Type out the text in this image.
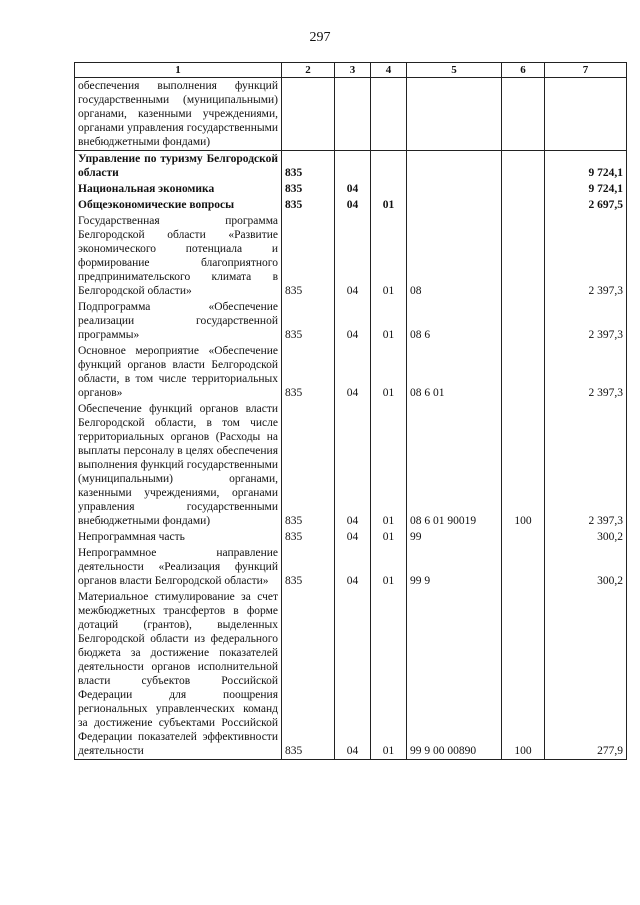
297
1	2	3	4	5	6	7
обеспечения выполнения функций государственными (муниципальными) органами, казенными учреждениями, органами управления государственными внебюджетными фондами)						
Управление по туризму Белгородской области	835					9 724,1
Национальная экономика	835	04				9 724,1
Общеэкономические вопросы	835	04	01			2 697,5
Государственная программа Белгородской области «Развитие экономического потенциала и формирование благоприятного предпринимательского климата в Белгородской области»	835	04	01	08		2 397,3
Подпрограмма «Обеспечение реализации государственной программы»	835	04	01	08 6		2 397,3
Основное мероприятие «Обеспечение функций органов власти Белгородской области, в том числе территориальных органов»	835	04	01	08 6 01		2 397,3
Обеспечение функций органов власти Белгородской области, в том числе территориальных органов (Расходы на выплаты персоналу в целях обеспечения выполнения функций государственными (муниципальными) органами, казенными учреждениями, органами управления государственными внебюджетными фондами)	835	04	01	08 6 01 90019	100	2 397,3
Непрограммная часть	835	04	01	99		300,2
Непрограммное направление деятельности «Реализация функций органов власти Белгородской области»	835	04	01	99 9		300,2
Материальное стимулирование за счет межбюджетных трансфертов в форме дотаций (грантов), выделенных Белгородской области из федерального бюджета за достижение показателей деятельности органов исполнительной власти субъектов Российской Федерации для поощрения региональных управленческих команд за достижение субъектами Российской Федерации показателей эффективности деятельности	835	04	01	99 9 00 00890	100	277,9
